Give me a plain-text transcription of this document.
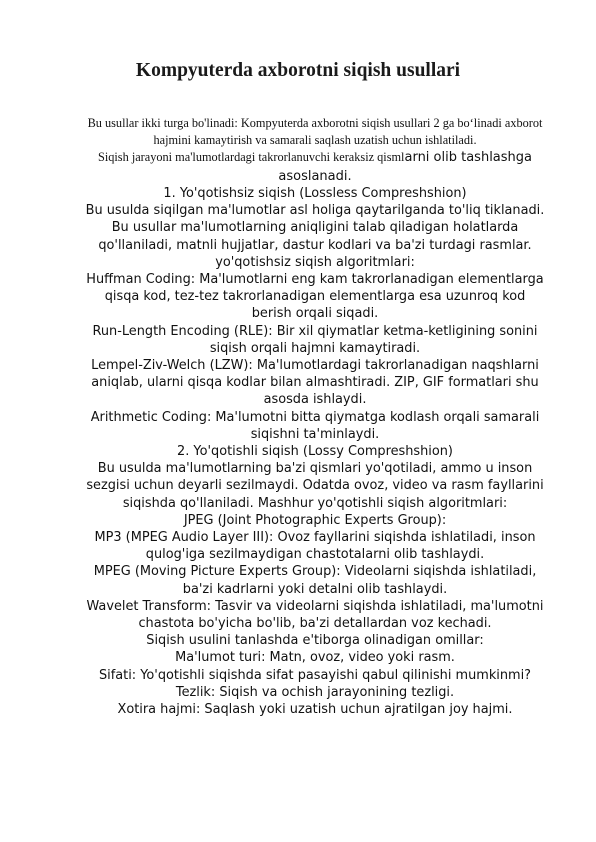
Kompyuterda axborotni siqish usullari

Bu usullar ikki turga bo'linadi: Kompyuterda axborotni siqish usullari 2 ga bo‘linadi axborot hajmini kamaytirish va samarali saqlash uzatish uchun ishlatiladi.

Siqish jarayoni ma'lumotlardagi takrorlanuvchi keraksiz qismlarni olib tashlashga asoslanadi.

1. Yo'qotishsiz siqish (Lossless Compreshshion)

Bu usulda siqilgan ma'lumotlar asl holiga qaytarilganda to'liq tiklanadi. Bu usullar ma'lumotlarning aniqligini talab qiladigan holatlarda qo'llaniladi, matnli hujjatlar, dastur kodlari va ba'zi turdagi rasmlar. yo'qotishsiz siqish algoritmlari:

Huffman Coding: Ma'lumotlarni eng kam takrorlanadigan elementlarga qisqa kod, tez-tez takrorlanadigan elementlarga esa uzunroq kod berish orqali siqadi.

Run-Length Encoding (RLE): Bir xil qiymatlar ketma-ketligining sonini siqish orqali hajmni kamaytiradi.

Lempel-Ziv-Welch (LZW): Ma'lumotlardagi takrorlanadigan naqshlarni aniqlab, ularni qisqa kodlar bilan almashtiradi. ZIP, GIF formatlari shu asosda ishlaydi.

Arithmetic Coding: Ma'lumotni bitta qiymatga kodlash orqali samarali siqishni ta'minlaydi.

2. Yo'qotishli siqish (Lossy Compreshshion)

Bu usulda ma'lumotlarning ba'zi qismlari yo'qotiladi, ammo u inson sezgisi uchun deyarli sezilmaydi. Odatda ovoz, video va rasm fayllarini siqishda qo'llaniladi. Mashhur yo'qotishli siqish algoritmlari:

JPEG (Joint Photographic Experts Group):

MP3 (MPEG Audio Layer III): Ovoz fayllarini siqishda ishlatiladi, inson qulog'iga sezilmaydigan chastotalarni olib tashlaydi.

MPEG (Moving Picture Experts Group): Videolarni siqishda ishlatiladi, ba'zi kadrlarni yoki detalni olib tashlaydi.

Wavelet Transform: Tasvir va videolarni siqishda ishlatiladi, ma'lumotni chastota bo'yicha bo'lib, ba'zi detallardan voz kechadi.

Siqish usulini tanlashda e'tiborga olinadigan omillar:

Ma'lumot turi: Matn, ovoz, video yoki rasm.

Sifati: Yo'qotishli siqishda sifat pasayishi qabul qilinishi mumkinmi?

Tezlik: Siqish va ochish jarayonining tezligi.

Xotira hajmi: Saqlash yoki uzatish uchun ajratilgan joy hajmi.
